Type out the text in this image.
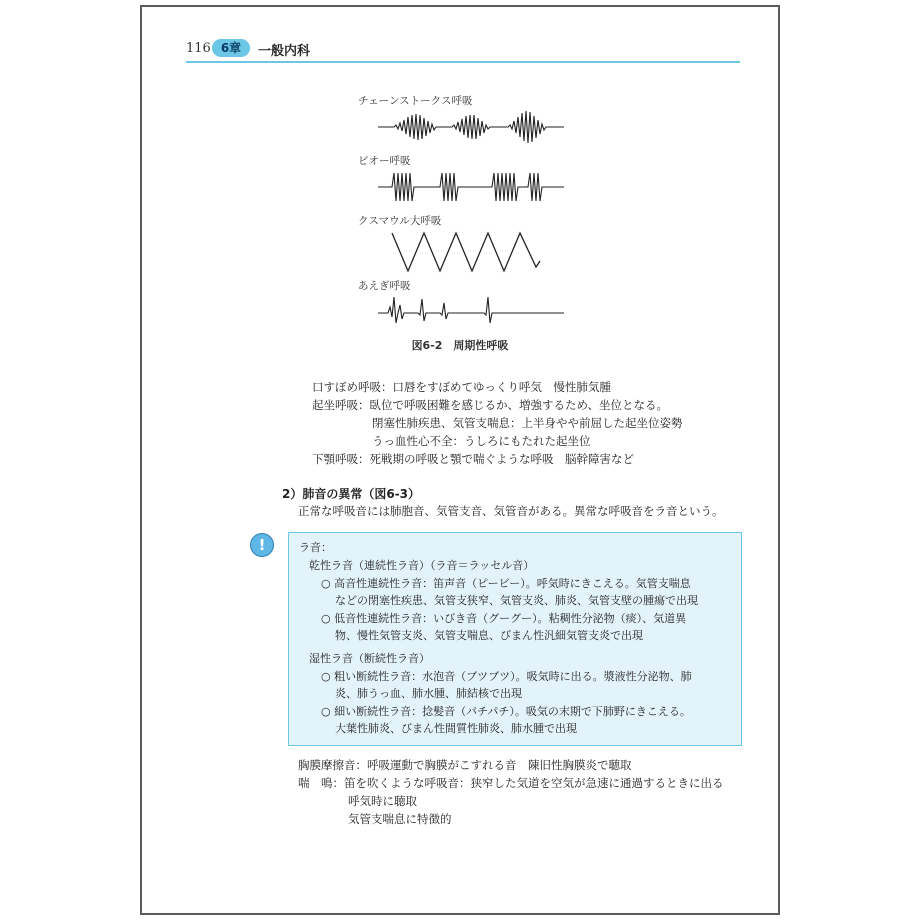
116 6章	一般内科
チェーンストークス呼吸
ビオー呼吸
クスマウル大呼吸
あえぎ呼吸
図6-2　周期性呼吸
口すぼめ呼吸：口唇をすぼめてゆっくり呼気　慢性肺気腫
起坐呼吸：臥位で呼吸困難を感じるか、増強するため、坐位となる。
閉塞性肺疾患、気管支喘息：上半身やや前屈した起坐位姿勢
うっ血性心不全：うしろにもたれた起坐位
下顎呼吸：死戦期の呼吸と顎で喘ぐような呼吸　脳幹障害など
2）肺音の異常（図6-3）
正常な呼吸音には肺胞音、気管支音、気管音がある。異常な呼吸音をラ音という。
!	ラ音：
乾性ラ音（連続性ラ音）（ラ音＝ラッセル音）
○ 高音性連続性ラ音：笛声音（ピービー）。呼気時にきこえる。気管支喘息
などの閉塞性疾患、気管支狭窄、気管支炎、肺炎、気管支壁の腫瘍で出現
○ 低音性連続性ラ音：いびき音（グーグー）。粘稠性分泌物（痰）、気道異
物、慢性気管支炎、気管支喘息、びまん性汎細気管支炎で出現
湿性ラ音（断続性ラ音）
○ 粗い断続性ラ音：水泡音（ブツブツ）。吸気時に出る。漿液性分泌物、肺
炎、肺うっ血、肺水腫、肺結核で出現
○ 細い断続性ラ音：捻髪音（パチパチ）。吸気の末期で下肺野にきこえる。
大葉性肺炎、びまん性間質性肺炎、肺水腫で出現
胸膜摩擦音：呼吸運動で胸膜がこすれる音　陳旧性胸膜炎で聴取
喘　鳴：笛を吹くような呼吸音：狭窄した気道を空気が急速に通過するときに出る
呼気時に聴取
気管支喘息に特徴的
